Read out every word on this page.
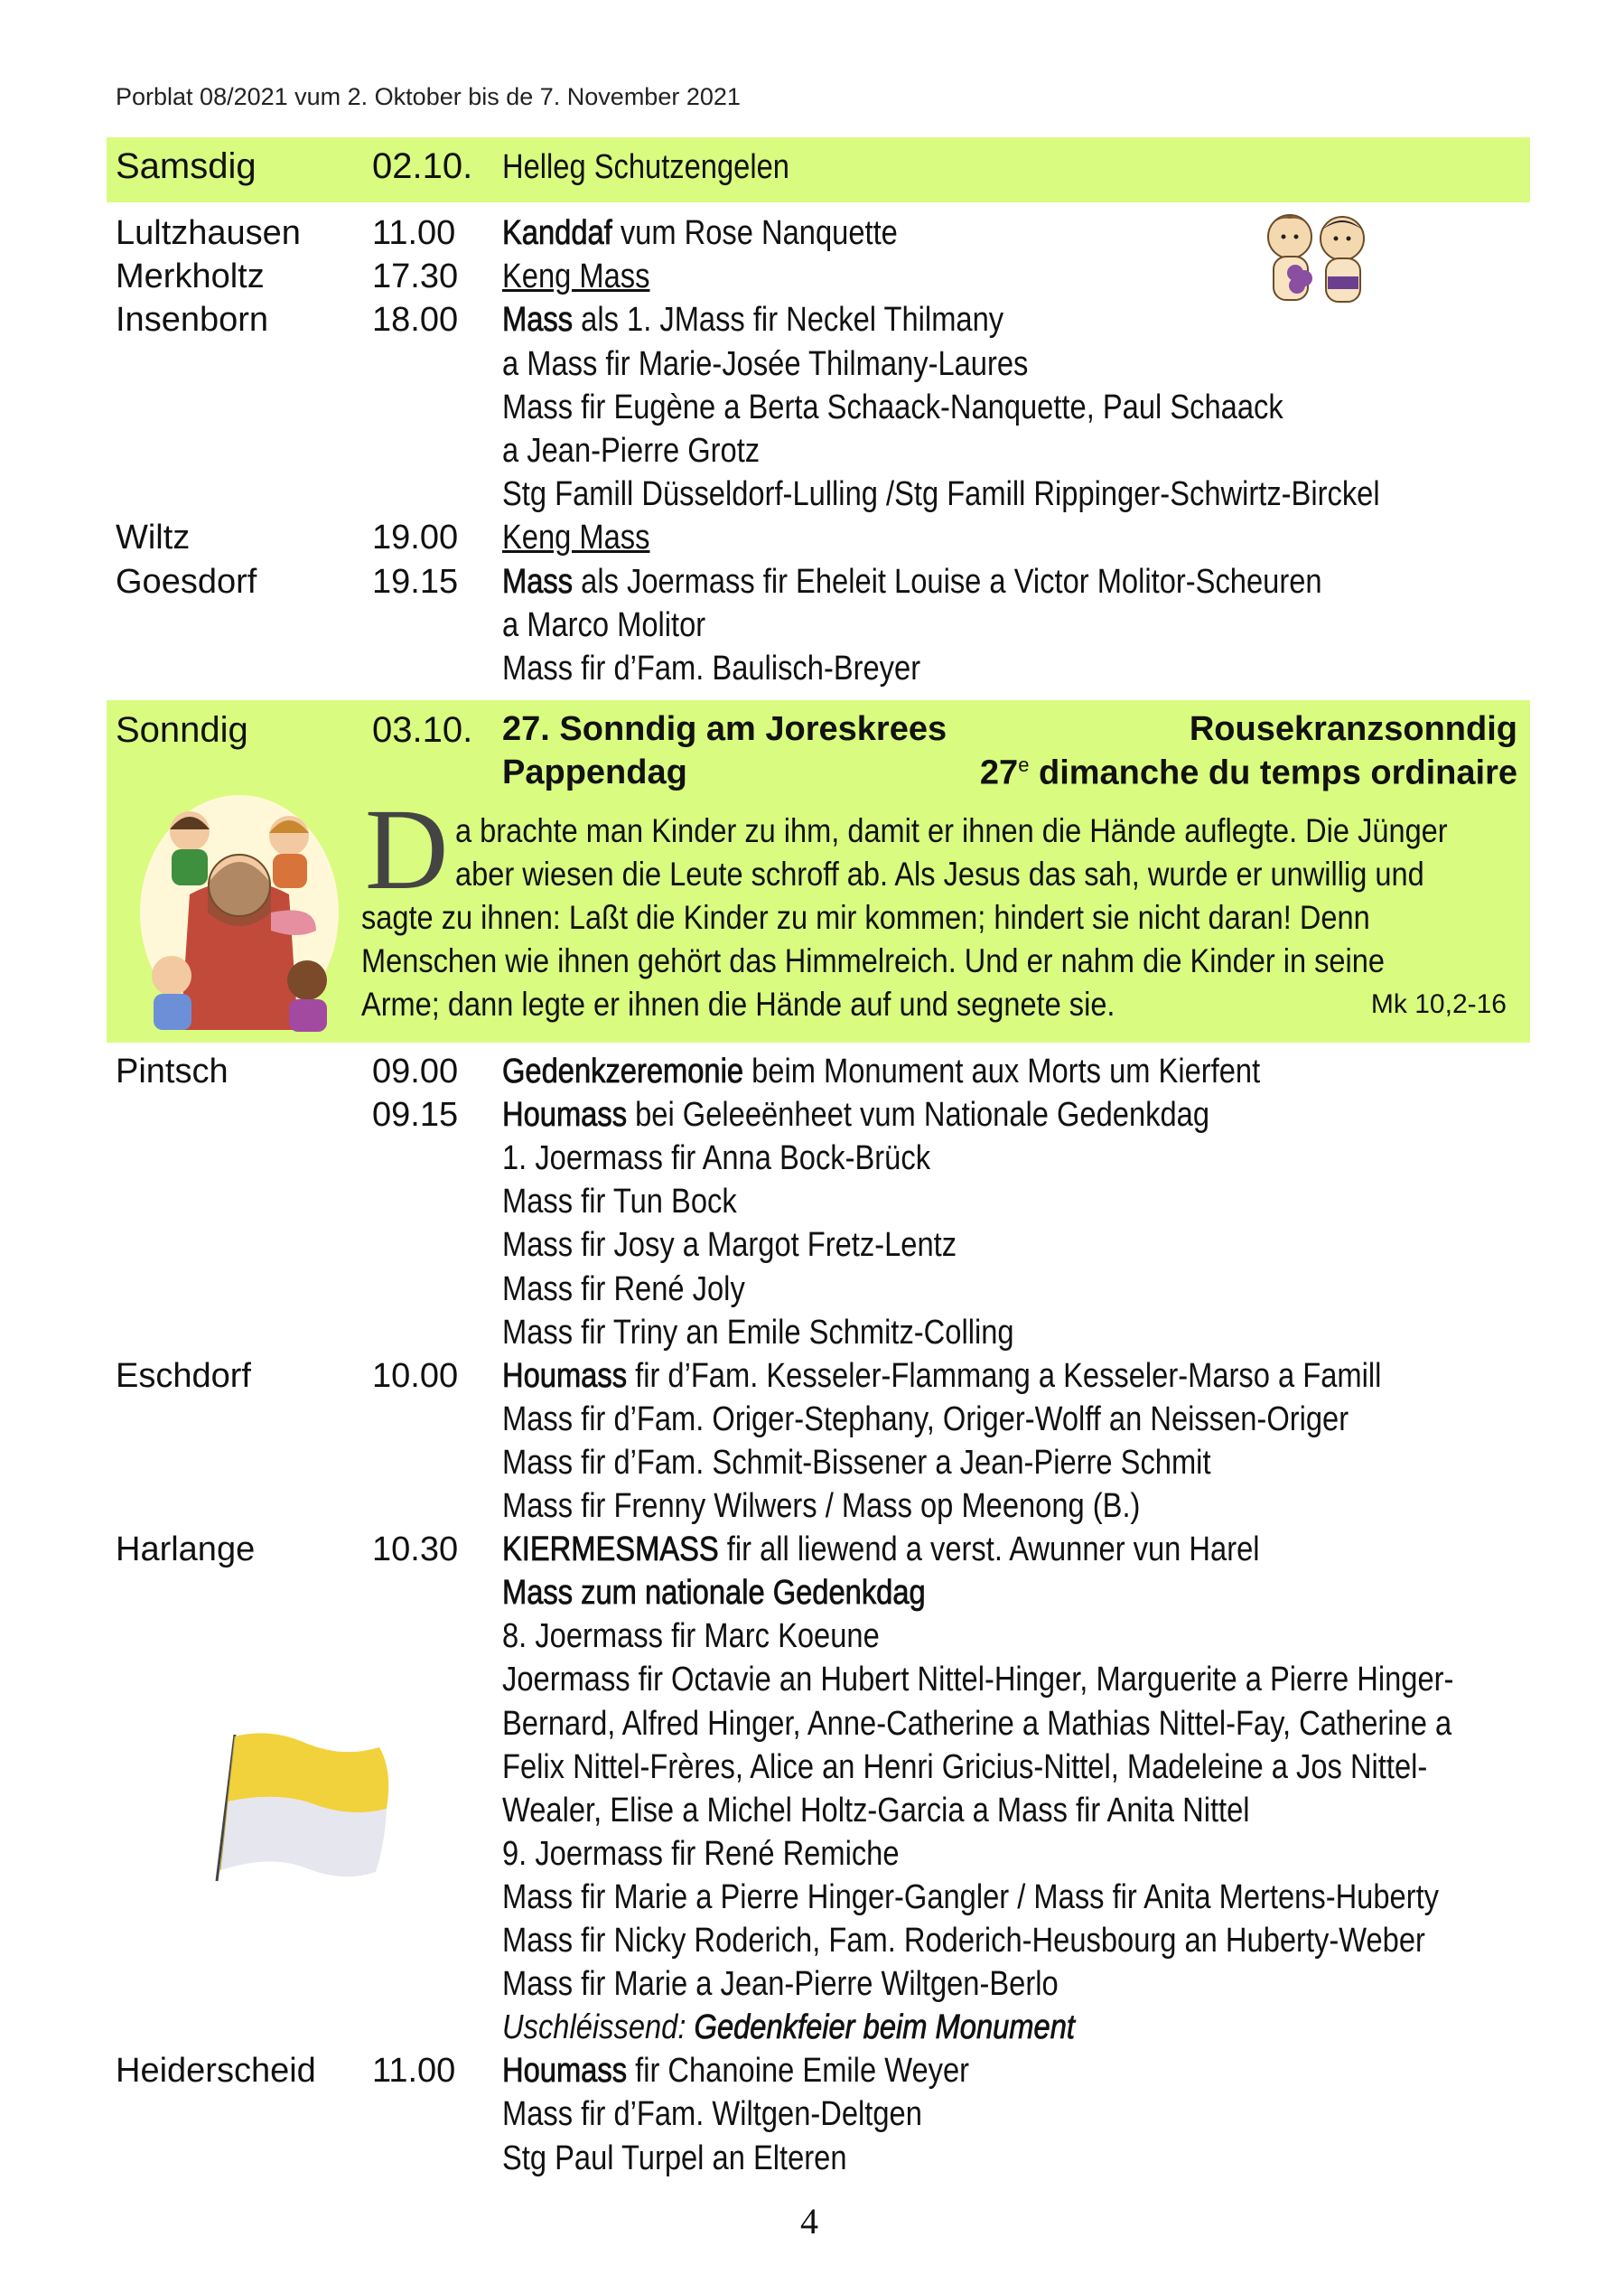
Porblat 08/2021 vum 2. Oktober bis de 7. November 2021
Samsdig	02.10. Helleg Schutzengelen
Lultzhausen 11.00 Kanddaf vum Rose Nanquette
Merkholtz	17.30 Keng Mass
Insenborn	18.00 Mass als 1. JMass fir Neckel Thilmany
a Mass fir Marie-Josée Thilmany-Laures
Mass fir Eugène a Berta Schaack-Nanquette, Paul Schaack
a Jean-Pierre Grotz
Stg Famill Düsseldorf-Lulling /Stg Famill Rippinger-Schwirtz-Birckel
Wiltz	19.00 Keng Mass
Goesdorf	19.15 Mass als Joermass fir Eheleit Louise a Victor Molitor-Scheuren
a Marco Molitor
Mass fir d’Fam. Baulisch-Breyer
Sonndig	03.10. 27. Sonndig am Joreskrees	Rousekranzsonndig
Pappendag	27e dimanche du temps ordinaire
D a brachte man Kinder zu ihm, damit er ihnen die Hände auflegte. Die Jünger
aber wiesen die Leute schroff ab. Als Jesus das sah, wurde er unwillig und
sagte zu ihnen: Laßt die Kinder zu mir kommen; hindert sie nicht daran! Denn
Menschen wie ihnen gehört das Himmelreich. Und er nahm die Kinder in seine
Arme; dann legte er ihnen die Hände auf und segnete sie.	Mk 10,2-16
Pintsch	09.00 Gedenkzeremonie beim Monument aux Morts um Kierfent
09.15 Houmass bei Geleeënheet vum Nationale Gedenkdag
1. Joermass fir Anna Bock-Brück
Mass fir Tun Bock
Mass fir Josy a Margot Fretz-Lentz
Mass fir René Joly
Mass fir Triny an Emile Schmitz-Colling
Eschdorf	10.00 Houmass fir d’Fam. Kesseler-Flammang a Kesseler-Marso a Famill
Mass fir d’Fam. Origer-Stephany, Origer-Wolff an Neissen-Origer
Mass fir d’Fam. Schmit-Bissener a Jean-Pierre Schmit
Mass fir Frenny Wilwers / Mass op Meenong (B.)
Harlange	10.30 KIERMESMASS fir all liewend a verst. Awunner vun Harel
Mass zum nationale Gedenkdag
8. Joermass fir Marc Koeune
Joermass fir Octavie an Hubert Nittel-Hinger, Marguerite a Pierre Hinger-
Bernard, Alfred Hinger, Anne-Catherine a Mathias Nittel-Fay, Catherine a
Felix Nittel-Frères, Alice an Henri Gricius-Nittel, Madeleine a Jos Nittel-
Wealer, Elise a Michel Holtz-Garcia a Mass fir Anita Nittel
9. Joermass fir René Remiche
Mass fir Marie a Pierre Hinger-Gangler / Mass fir Anita Mertens-Huberty
Mass fir Nicky Roderich, Fam. Roderich-Heusbourg an Huberty-Weber
Mass fir Marie a Jean-Pierre Wiltgen-Berlo
Uschléissend: Gedenkfeier beim Monument
Heiderscheid 11.00 Houmass fir Chanoine Emile Weyer
Mass fir d’Fam. Wiltgen-Deltgen
Stg Paul Turpel an Elteren
4
